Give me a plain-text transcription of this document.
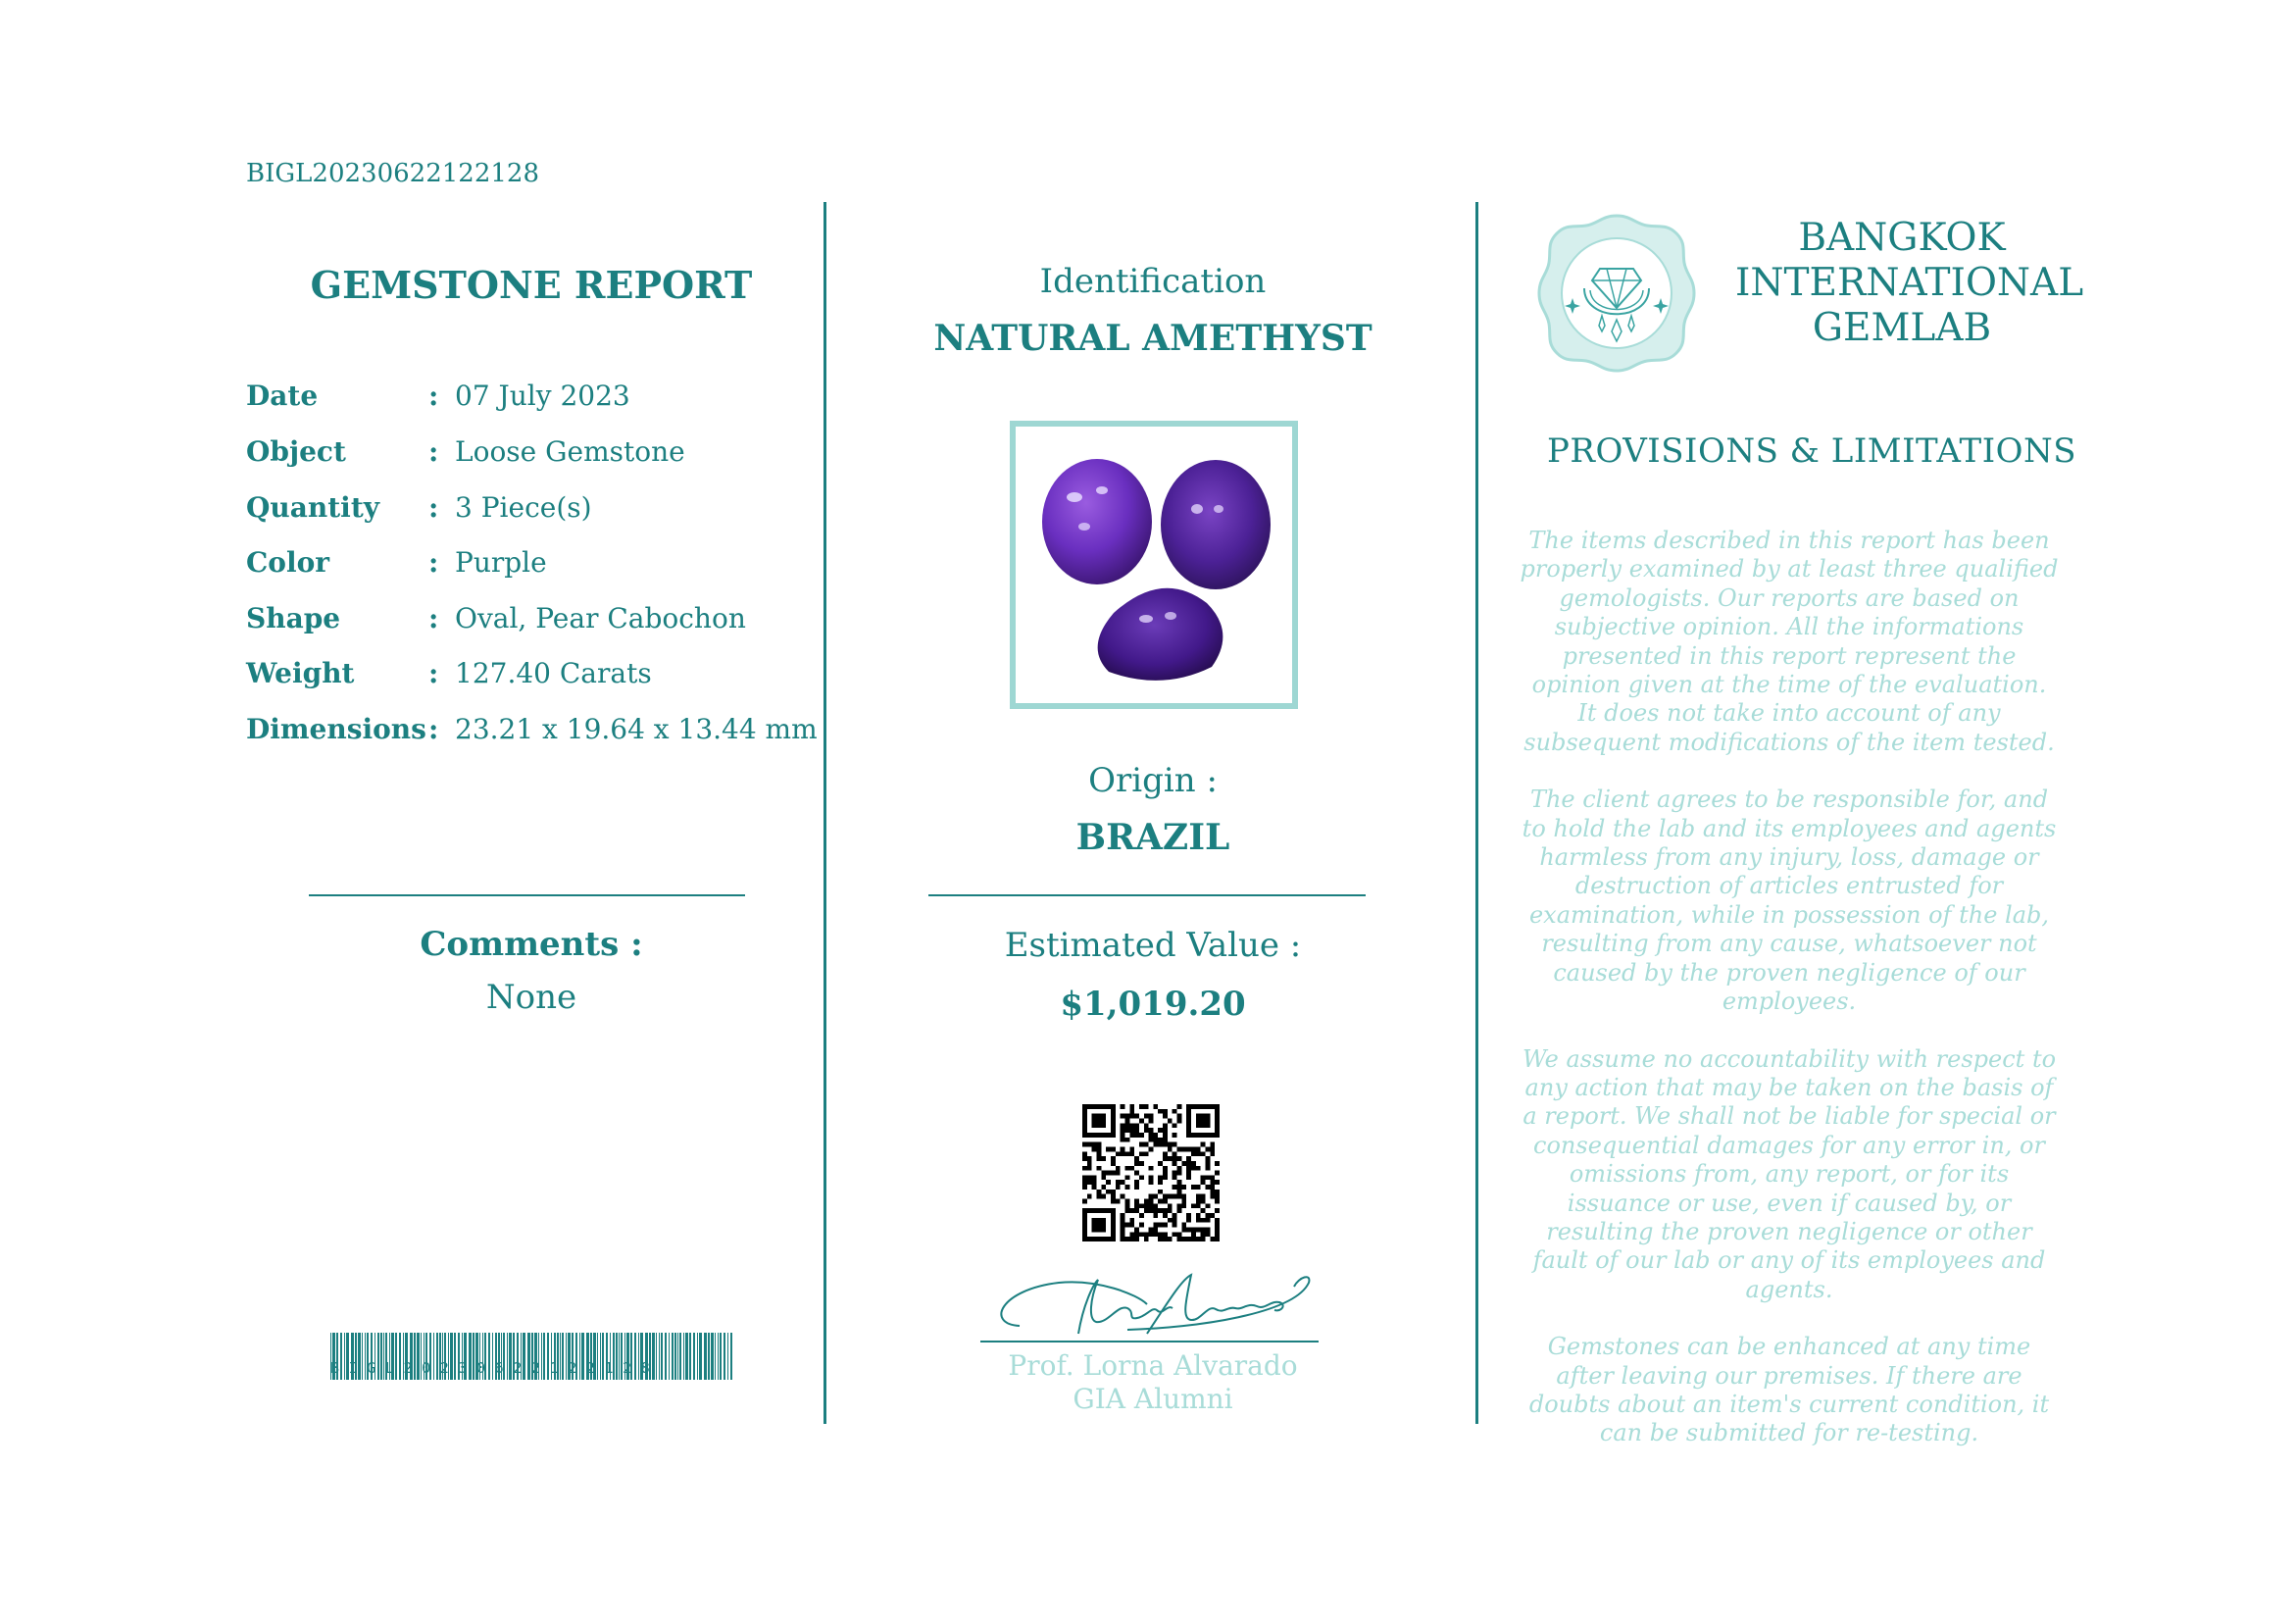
BIGL20230622122128
GEMSTONE REPORT
Date	: 07 July 2023
Object	: Loose Gemstone
Quantity : 3 Piece(s)
Color	: Purple
Shape	: Oval, Pear Cabochon
Weight	: 127.40 Carats
Dimensions : 23.21 x 19.64 x 13.44 mm
Comments :
None
BIGL20230622122128
Identification
NATURAL AMETHYST
Origin :
BRAZIL
Estimated Value :
$1,019.20
Prof. Lorna Alvarado
GIA Alumni
BANGKOK
INTERNATIONAL
GEMLAB
PROVISIONS & LIMITATIONS

The items described in this report has been properly examined by at least three qualified gemologists. Our reports are based on subjective opinion. All the informations presented in this report represent the opinion given at the time of the evaluation. It does not take into account of any subsequent modifications of the item tested.

The client agrees to be responsible for, and to hold the lab and its employees and agents harmless from any injury, loss, damage or destruction of articles entrusted for examination, while in possession of the lab, resulting from any cause, whatsoever not caused by the proven negligence of our employees.

We assume no accountability with respect to any action that may be taken on the basis of a report. We shall not be liable for special or consequential damages for any error in, or omissions from, any report, or for its issuance or use, even if caused by, or resulting the proven negligence or other fault of our lab or any of its employees and agents.

Gemstones can be enhanced at any time after leaving our premises. If there are doubts about an item's current condition, it can be submitted for re-testing.
